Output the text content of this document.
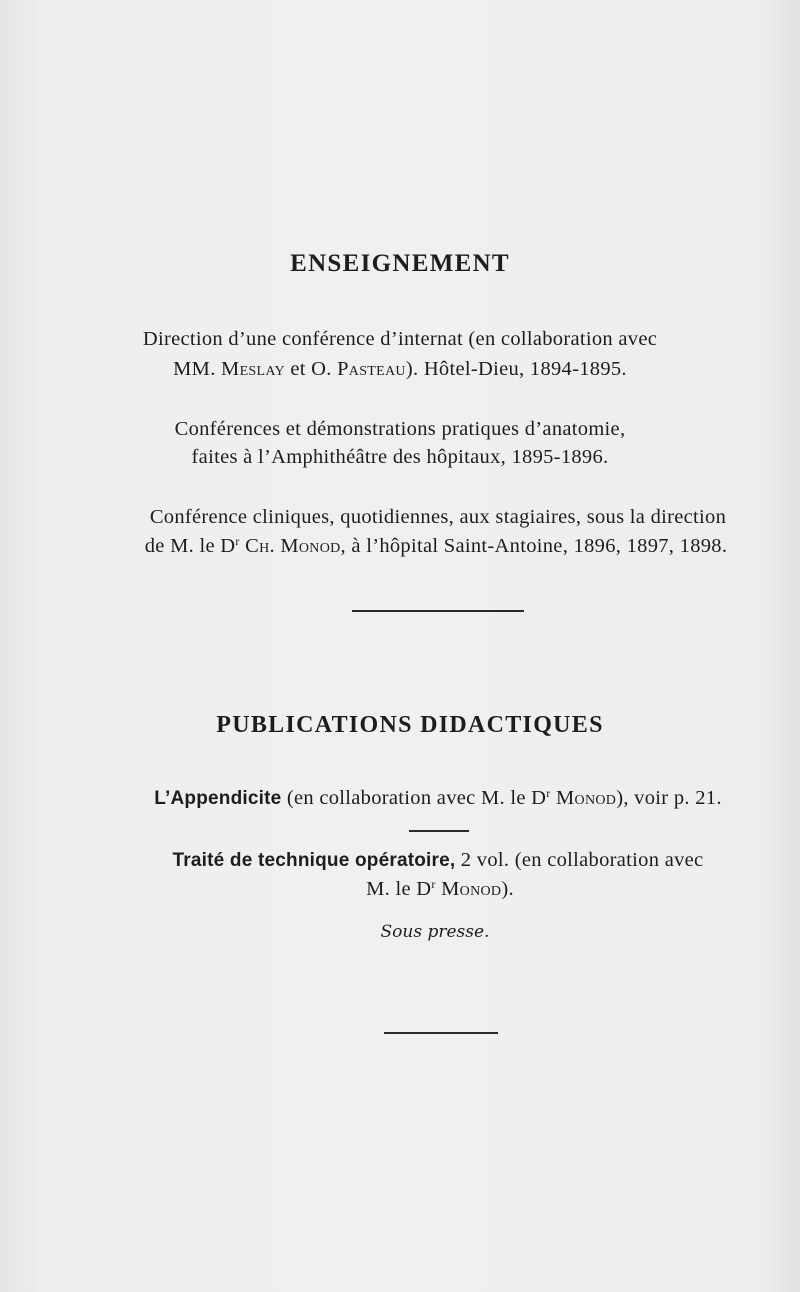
ENSEIGNEMENT
Direction d’une conférence d’internat (en collaboration avec
MM. Meslay et O. Pasteau). Hôtel-Dieu, 1894-1895.
Conférences et démonstrations pratiques d’anatomie,
faites à l’Amphithéâtre des hôpitaux, 1895-1896.
Conférence cliniques, quotidiennes, aux stagiaires, sous la direction
de M. le $D^r$ Ch. Monod, à l’hôpital Saint-Antoine, 1896, 1897, 1898.
PUBLICATIONS DIDACTIQUES
L’Appendicite (en collaboration avec M. le $D^r$ Monod), voir p. 21.
Traité de technique opératoire, 2 vol. (en collaboration avec
M. le $D^r$ Monod).
Sous presse.
